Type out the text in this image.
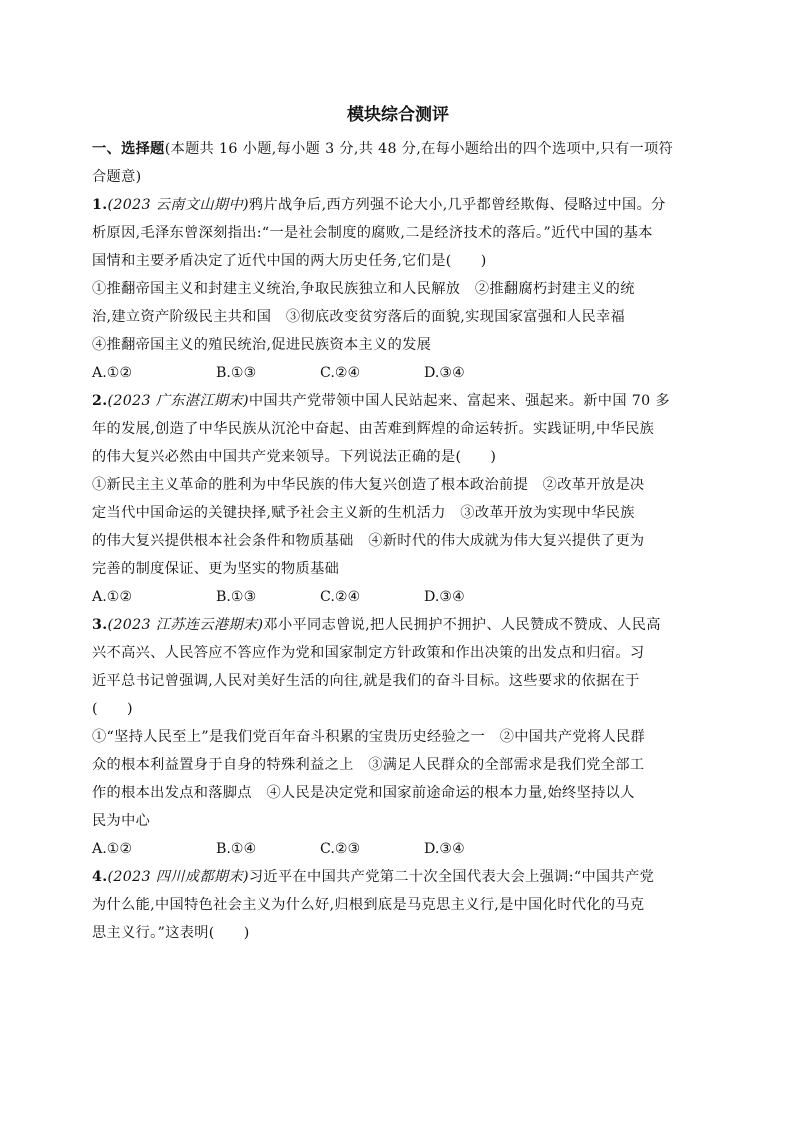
模块综合测评
一、选择题(本题共 16 小题,每小题 3 分,共 48 分,在每小题给出的四个选项中,只有一项符
合题意)
1.(2023 云南文山期中)鸦片战争后,西方列强不论大小,几乎都曾经欺侮、侵略过中国。分
析原因,毛泽东曾深刻指出:“一是社会制度的腐败,二是经济技术的落后。”近代中国的基本
国情和主要矛盾决定了近代中国的两大历史任务,它们是(　　)
①推翻帝国主义和封建主义统治,争取民族独立和人民解放　②推翻腐朽封建主义的统
治,建立资产阶级民主共和国　③彻底改变贫穷落后的面貌,实现国家富强和人民幸福
④推翻帝国主义的殖民统治,促进民族资本主义的发展
A.①②	B.①③	C.②④	D.③④
2.(2023 广东湛江期末)中国共产党带领中国人民站起来、富起来、强起来。新中国 70 多
年的发展,创造了中华民族从沉沦中奋起、由苦难到辉煌的命运转折。实践证明,中华民族
的伟大复兴必然由中国共产党来领导。下列说法正确的是(　　)
①新民主主义革命的胜利为中华民族的伟大复兴创造了根本政治前提　②改革开放是决
定当代中国命运的关键抉择,赋予社会主义新的生机活力　③改革开放为实现中华民族
的伟大复兴提供根本社会条件和物质基础　④新时代的伟大成就为伟大复兴提供了更为
完善的制度保证、更为坚实的物质基础
A.①②	B.①③	C.②④	D.③④
3.(2023 江苏连云港期末)邓小平同志曾说,把人民拥护不拥护、人民赞成不赞成、人民高
兴不高兴、人民答应不答应作为党和国家制定方针政策和作出决策的出发点和归宿。习
近平总书记曾强调,人民对美好生活的向往,就是我们的奋斗目标。这些要求的依据在于
(　　)
①“坚持人民至上”是我们党百年奋斗积累的宝贵历史经验之一　②中国共产党将人民群
众的根本利益置身于自身的特殊利益之上　③满足人民群众的全部需求是我们党全部工
作的根本出发点和落脚点　④人民是决定党和国家前途命运的根本力量,始终坚持以人
民为中心
A.①②	B.①④	C.②③	D.③④
4.(2023 四川成都期末)习近平在中国共产党第二十次全国代表大会上强调:“中国共产党
为什么能,中国特色社会主义为什么好,归根到底是马克思主义行,是中国化时代化的马克
思主义行。”这表明(　　)
